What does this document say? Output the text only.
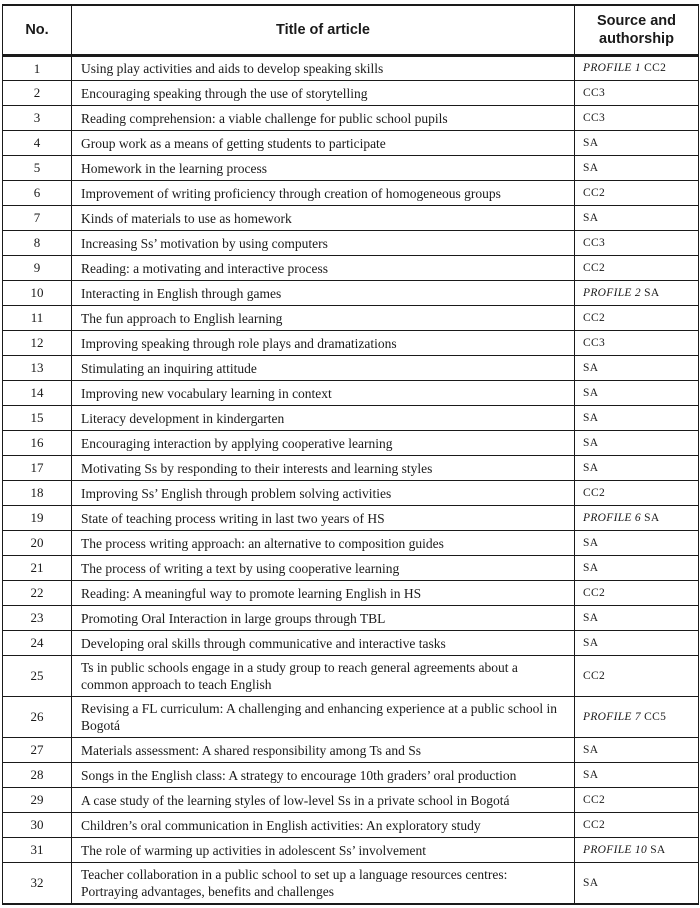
No.	Title of article	Source and authorship
1	Using play activities and aids to develop speaking skills	PROFILE 1 CC2
2	Encouraging speaking through the use of storytelling	CC3
3	Reading comprehension: a viable challenge for public school pupils	CC3
4	Group work as a means of getting students to participate	SA
5	Homework in the learning process	SA
6	Improvement of writing proficiency through creation of homogeneous groups	CC2
7	Kinds of materials to use as homework	SA
8	Increasing Ss’ motivation by using computers	CC3
9	Reading: a motivating and interactive process	CC2
10	Interacting in English through games	PROFILE 2 SA
11	The fun approach to English learning	CC2
12	Improving speaking through role plays and dramatizations	CC3
13	Stimulating an inquiring attitude	SA
14	Improving new vocabulary learning in context	SA
15	Literacy development in kindergarten	SA
16	Encouraging interaction by applying cooperative learning	SA
17	Motivating Ss by responding to their interests and learning styles	SA
18	Improving Ss’ English through problem solving activities	CC2
19	State of teaching process writing in last two years of HS	PROFILE 6 SA
20	The process writing approach: an alternative to composition guides	SA
21	The process of writing a text by using cooperative learning	SA
22	Reading: A meaningful way to promote learning English in HS	CC2
23	Promoting Oral Interaction in large groups through TBL	SA
24	Developing oral skills through communicative and interactive tasks	SA
25	Ts in public schools engage in a study group to reach general agreements about a common approach to teach English	CC2
26	Revising a FL curriculum: A challenging and enhancing experience at a public school in Bogotá	PROFILE 7 CC5
27	Materials assessment: A shared responsibility among Ts and Ss	SA
28	Songs in the English class: A strategy to encourage 10th graders’ oral production	SA
29	A case study of the learning styles of low-level Ss in a private school in Bogotá	CC2
30	Children’s oral communication in English activities: An exploratory study	CC2
31	The role of warming up activities in adolescent Ss’ involvement	PROFILE 10 SA
32	Teacher collaboration in a public school to set up a language resources centres: Portraying advantages, benefits and challenges	SA
